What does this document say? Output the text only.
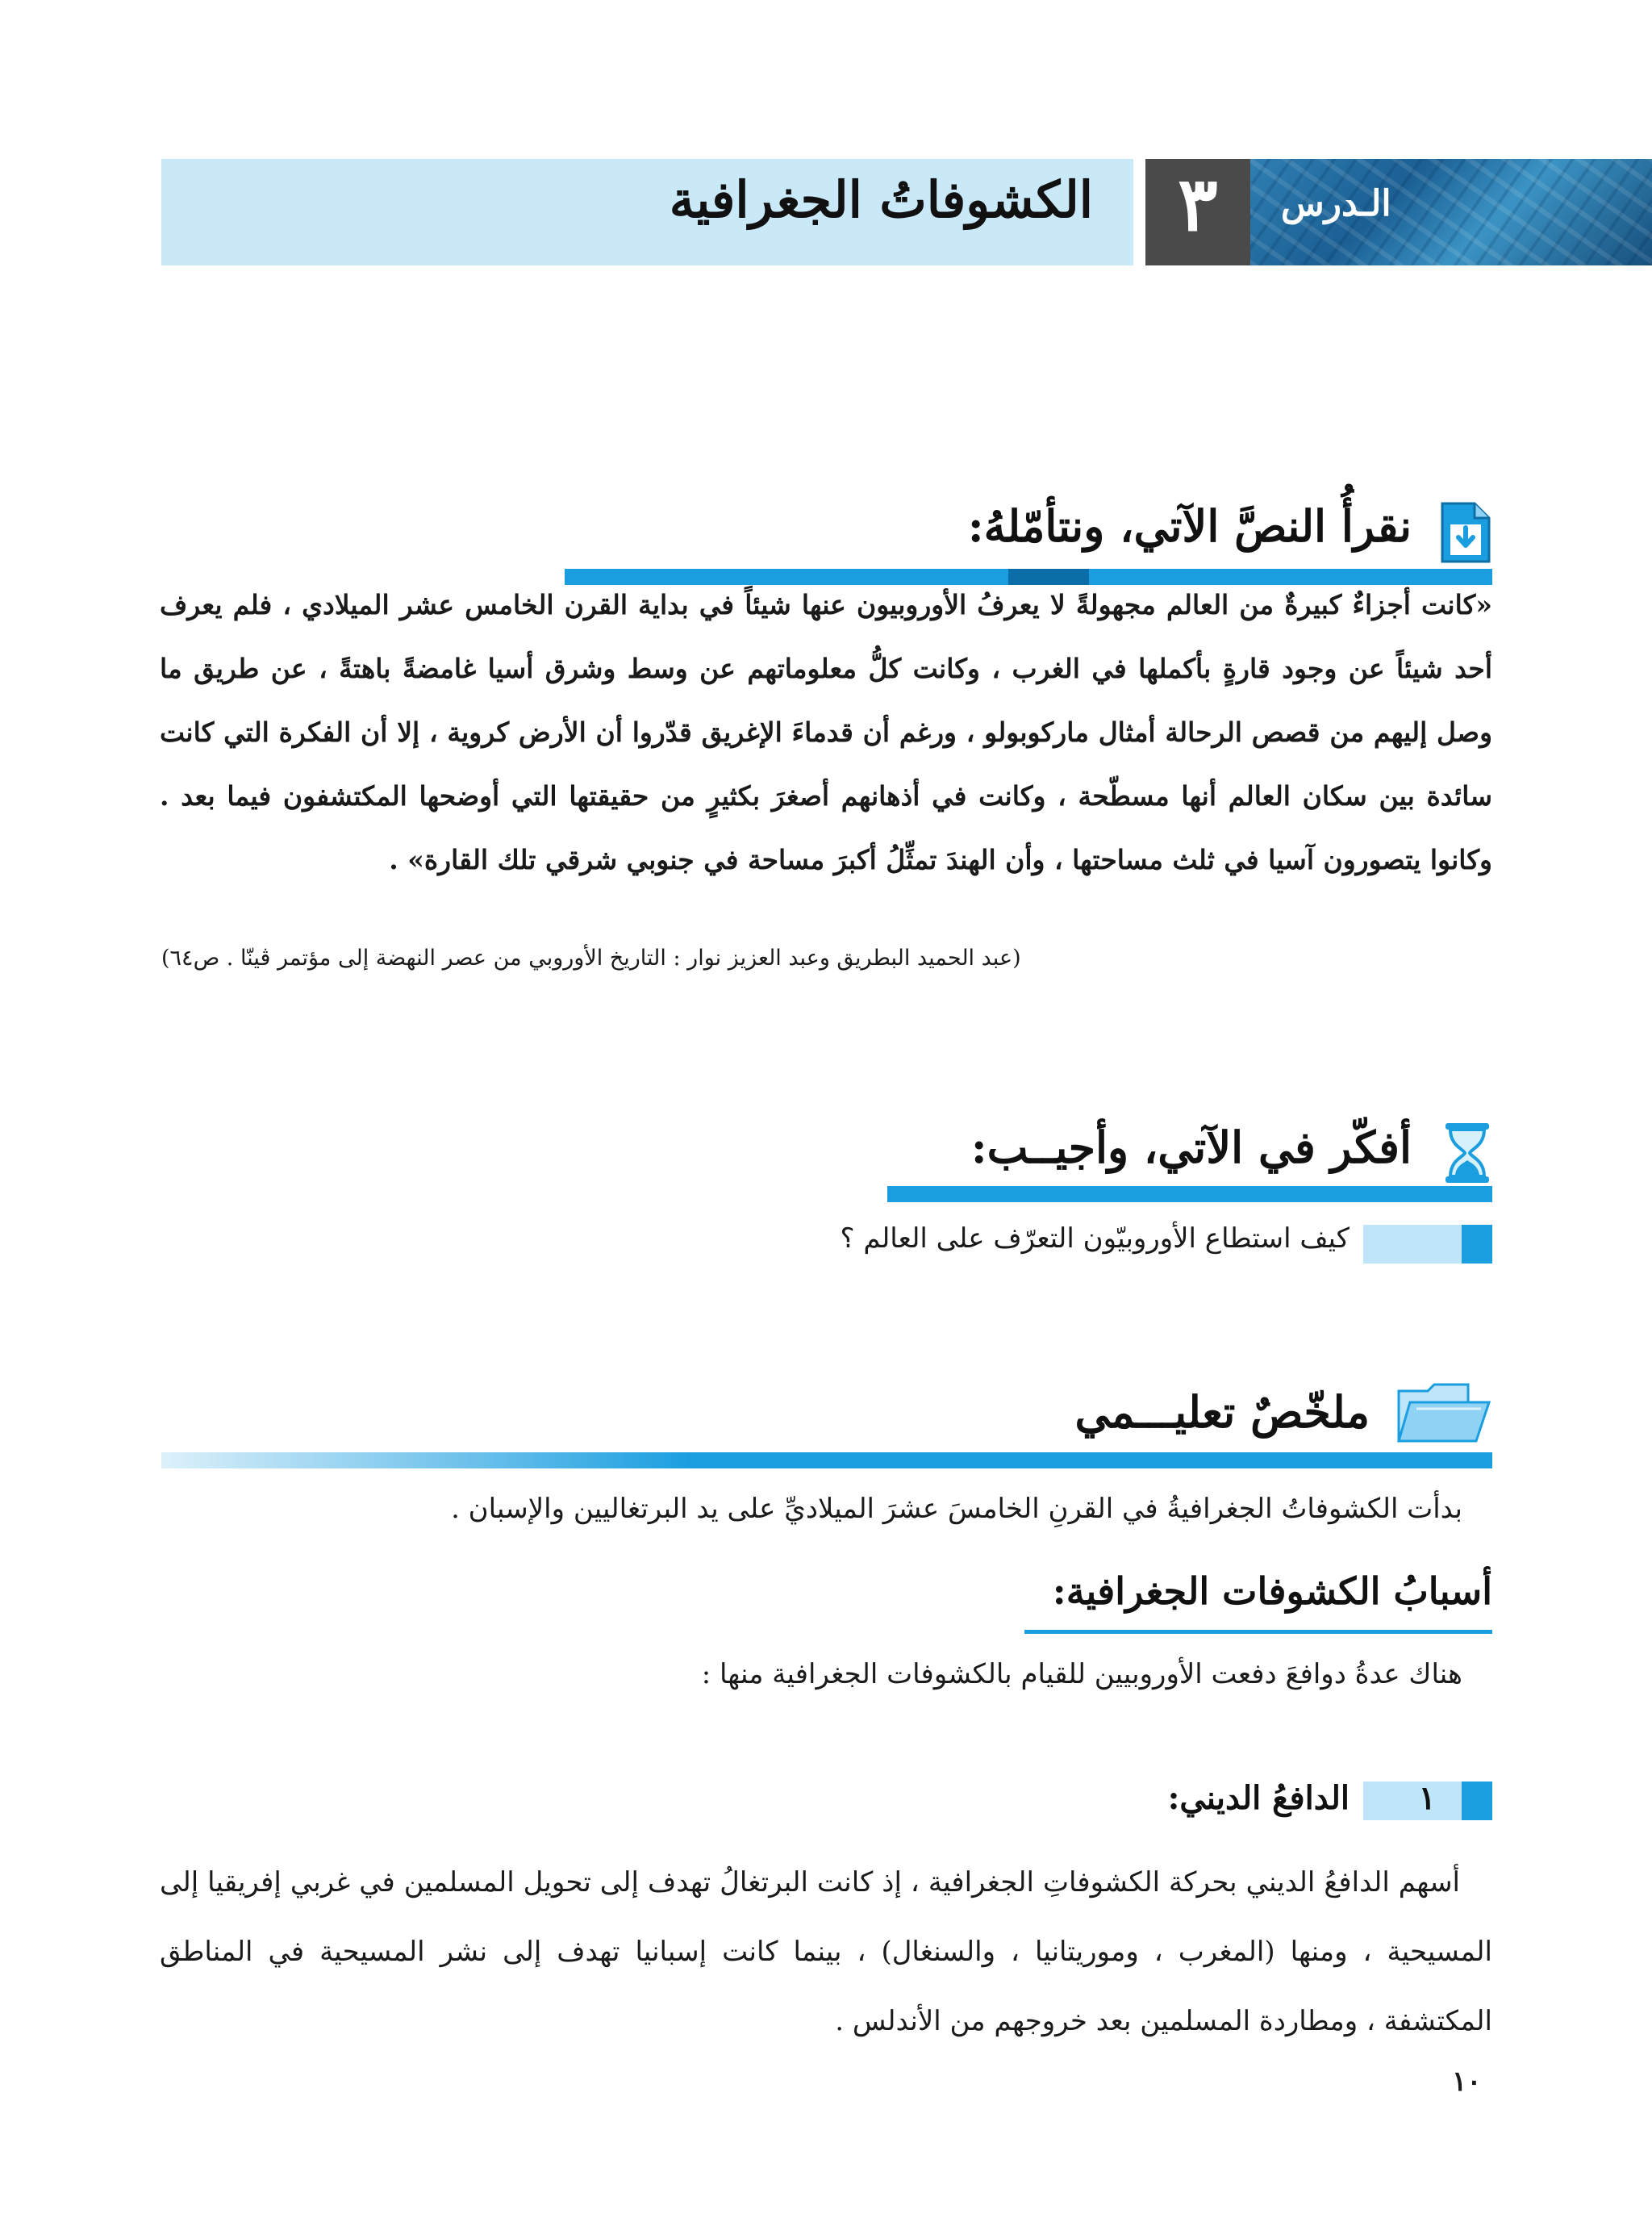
الكشوفاتُ الجغرافية	٣	الـدرس
نقرأُ النصَّ الآتي، ونتأمّلهُ:
«كانت أجزاءٌ كبيرةٌ من العالم مجهولةً لا يعرفُ الأوروبيون عنها شيئاً في بداية القرن الخامس عشر الميلادي ، فلم يعرف أحد شيئاً عن وجود قارةٍ بأكملها في الغرب ، وكانت كلُّ معلوماتهم عن وسط وشرق أسيا غامضةً باهتةً ، عن طريق ما وصل إليهم من قصص الرحالة أمثال ماركوبولو ، ورغم أن قدماءَ الإغريق قدّروا أن الأرض كروية ، إلا أن الفكرة التي كانت سائدة بين سكان العالم أنها مسطّحة ، وكانت في أذهانهم أصغرَ بكثيرٍ من حقيقتها التي أوضحها المكتشفون فيما بعد . وكانوا يتصورون آسيا في ثلث مساحتها ، وأن الهندَ تمثِّلُ أكبرَ مساحة في جنوبي شرقي تلك القارة» .
(عبد الحميد البطريق وعبد العزيز نوار : التاريخ الأوروبي من عصر النهضة إلى مؤتمر ڤينّا . ص٦٤)
أفكّر في الآتي، وأجيــب:
كيف استطاع الأوروبيّون التعرّف على العالم ؟
ملخّصٌ تعليـــمي
بدأت الكشوفاتُ الجغرافيةُ في القرنِ الخامسَ عشرَ الميلاديِّ على يد البرتغاليين والإسبان .
أسبابُ الكشوفات الجغرافية:
هناك عدةُ دوافعَ دفعت الأوروبيين للقيام بالكشوفات الجغرافية منها :
١
الدافعُ الديني:
أسهم الدافعُ الديني بحركة الكشوفاتِ الجغرافية ، إذ كانت البرتغالُ تهدف إلى تحويل المسلمين في غربي إفريقيا إلى المسيحية ، ومنها (المغرب ، وموريتانيا ، والسنغال) ، بينما كانت إسبانيا تهدف إلى نشر المسيحية في المناطق المكتشفة ، ومطاردة المسلمين بعد خروجهم من الأندلس .
١٠
